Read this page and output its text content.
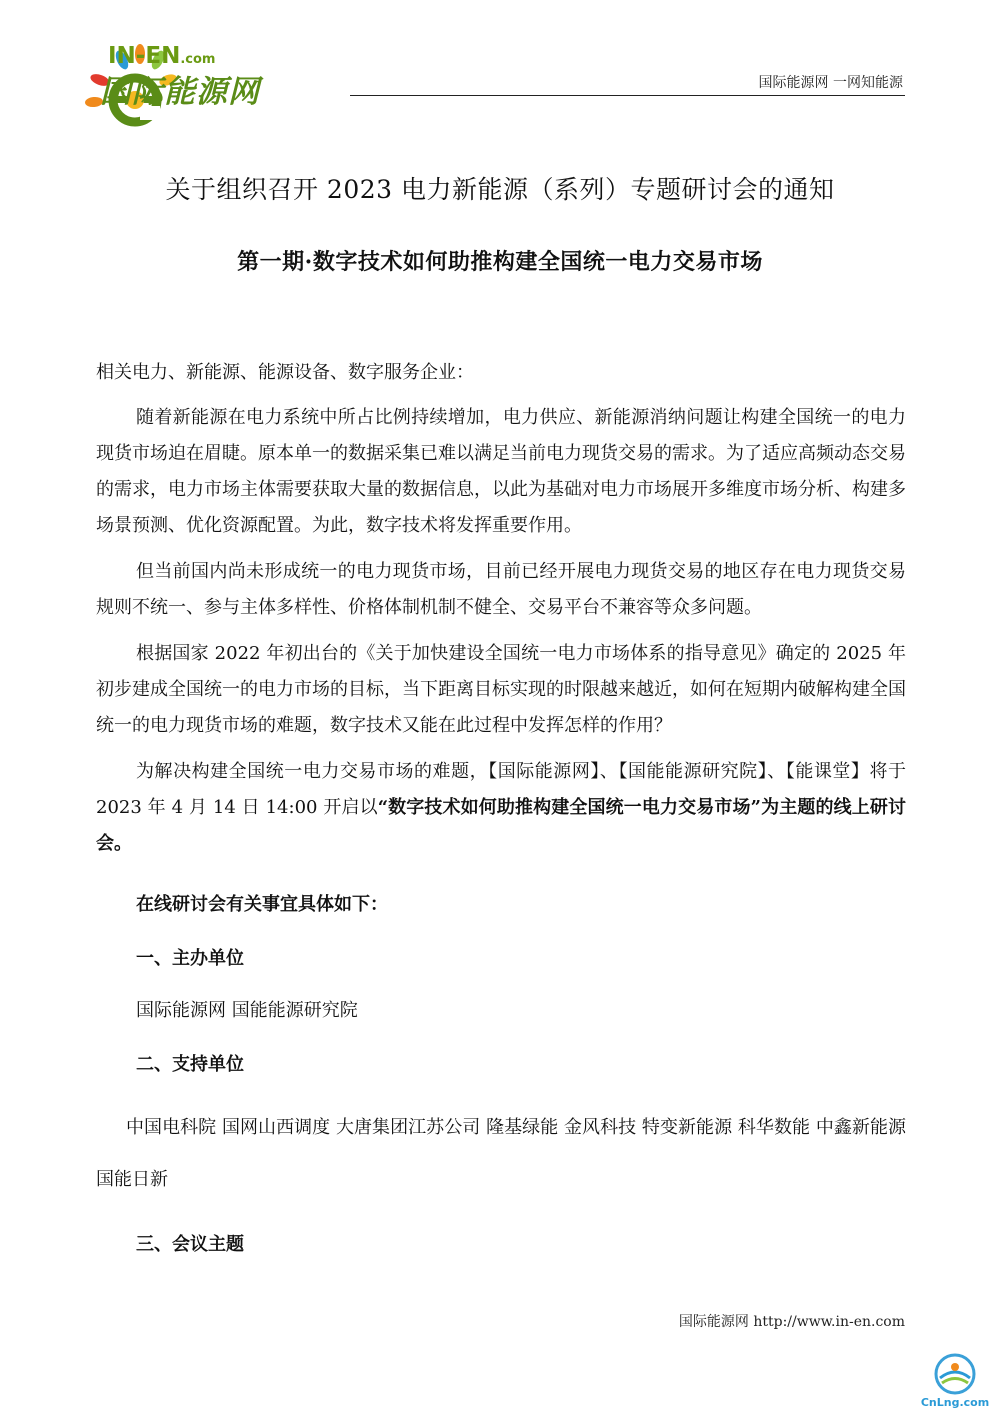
IN-EN.com
国际能源网	国际能源网 一网知能源
关于组织召开 2023 电力新能源（系列）专题研讨会的通知
第一期·数字技术如何助推构建全国统一电力交易市场

相关电力、新能源、能源设备、数字服务企业：

随着新能源在电力系统中所占比例持续增加，电力供应、新能源消纳问题让构建全国统一的电力现货市场迫在眉睫。原本单一的数据采集已难以满足当前电力现货交易的需求。为了适应高频动态交易的需求，电力市场主体需要获取大量的数据信息，以此为基础对电力市场展开多维度市场分析、构建多场景预测、优化资源配置。为此，数字技术将发挥重要作用。

但当前国内尚未形成统一的电力现货市场，目前已经开展电力现货交易的地区存在电力现货交易规则不统一、参与主体多样性、价格体制机制不健全、交易平台不兼容等众多问题。

根据国家 2022 年初出台的《关于加快建设全国统一电力市场体系的指导意见》确定的 2025 年初步建成全国统一的电力市场的目标，当下距离目标实现的时限越来越近，如何在短期内破解构建全国统一的电力现货市场的难题，数字技术又能在此过程中发挥怎样的作用？

为解决构建全国统一电力交易市场的难题，【国际能源网】、【国能能源研究院】、【能课堂】将于 2023 年 4 月 14 日 14:00 开启以“数字技术如何助推构建全国统一电力交易市场”为主题的线上研讨会。

在线研讨会有关事宜具体如下：
一、主办单位
国际能源网 国能能源研究院
二、支持单位
中国电科院 国网山西调度 大唐集团江苏公司 隆基绿能 金风科技 特变新能源 科华数能 中鑫新能源 国能日新
三、会议主题
国际能源网 http://www.in-en.com
CnLng.com
